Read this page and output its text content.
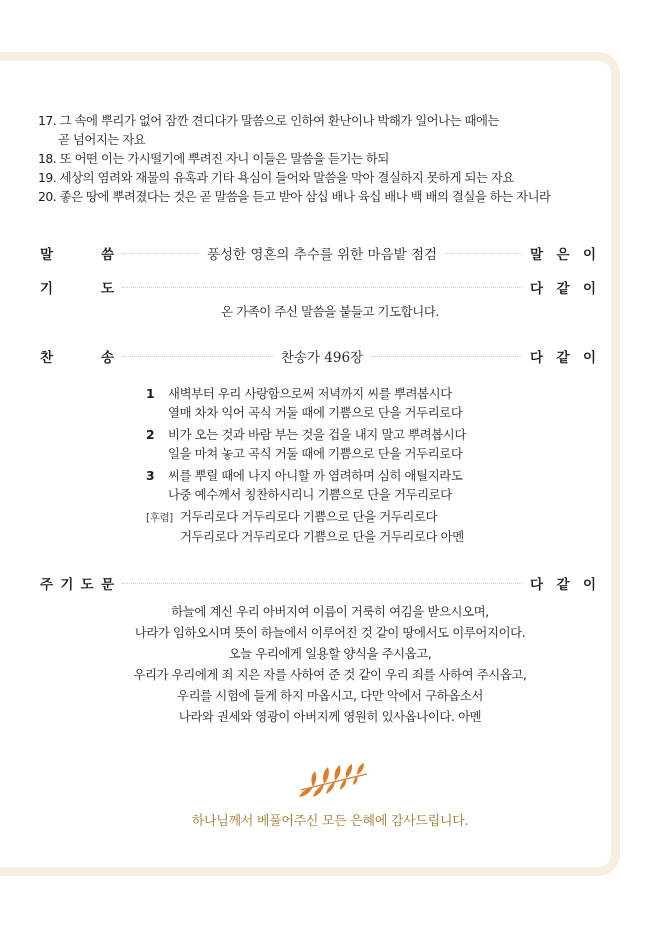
17. 그 속에 뿌리가 없어 잠깐 견디다가 말씀으로 인하여 환난이나 박해가 일어나는 때에는
곧 넘어지는 자요
18. 또 어떤 이는 가시떨기에 뿌려진 자니 이들은 말씀을 듣기는 하되
19. 세상의 염려와 재물의 유혹과 기타 욕심이 들어와 말씀을 막아 결실하지 못하게 되는 자요
20. 좋은 땅에 뿌려졌다는 것은 곧 말씀을 듣고 받아 삼십 배나 육십 배나 백 배의 결실을 하는 자니라
말	씀	풍성한 영혼의 추수를 위한 마음밭 점검	말 은 이
기	도	다 같 이
온 가족이 주신 말씀을 붙들고 기도합니다.
찬	송	찬송가 496장	다 같 이
1 새벽부터 우리 사랑함으로써 저녁까지 씨를 뿌려봅시다
열매 차차 익어 곡식 거둘 때에 기쁨으로 단을 거두리로다
2 비가 오는 것과 바람 부는 것을 겁을 내지 말고 뿌려봅시다
일을 마쳐 놓고 곡식 거둘 때에 기쁨으로 단을 거두리로다
3 씨를 뿌릴 때에 나지 아니할 까 염려하며 심히 애틸지라도
나중 예수께서 칭찬하시리니 기쁨으로 단을 거두리로다
[후렴] 거두리로다 거두리로다 기쁨으로 단을 거두리로다
거두리로다 거두리로다 기쁨으로 단을 거두리로다 아멘
주 기 도 문	다 같 이
하늘에 계신 우리 아버지여 이름이 거룩히 여김을 받으시오며,
나라가 임하오시며 뜻이 하늘에서 이루어진 것 같이 땅에서도 이루어지이다.
오늘 우리에게 일용할 양식을 주시옵고,
우리가 우리에게 죄 지은 자를 사하여 준 것 같이 우리 죄를 사하여 주시옵고,
우리를 시험에 들게 하지 마옵시고, 다만 악에서 구하옵소서
나라와 권세와 영광이 아버지께 영원히 있사옵나이다. 아멘
하나님께서 베풀어주신 모든 은혜에 감사드립니다.
